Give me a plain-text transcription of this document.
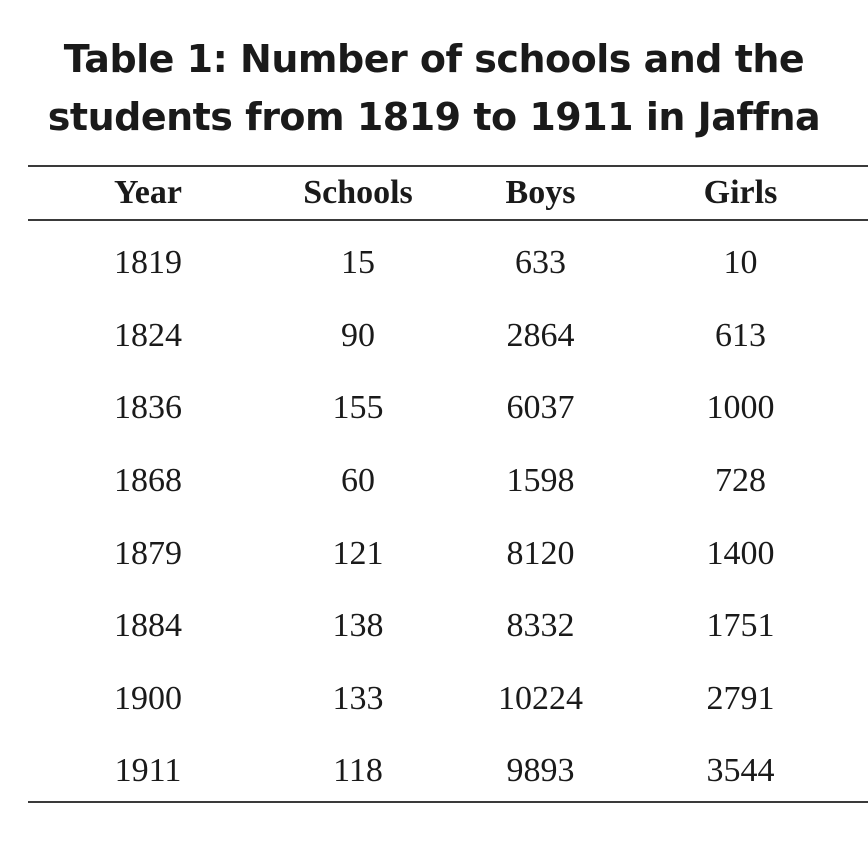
Table 1: Number of schools and the
students from 1819 to 1911 in Jaffna
Year	Schools	Boys	Girls
1819	15	633	10
1824	90	2864	613
1836	155	6037	1000
1868	60	1598	728
1879	121	8120	1400
1884	138	8332	1751
1900	133	10224	2791
1911	118	9893	3544
